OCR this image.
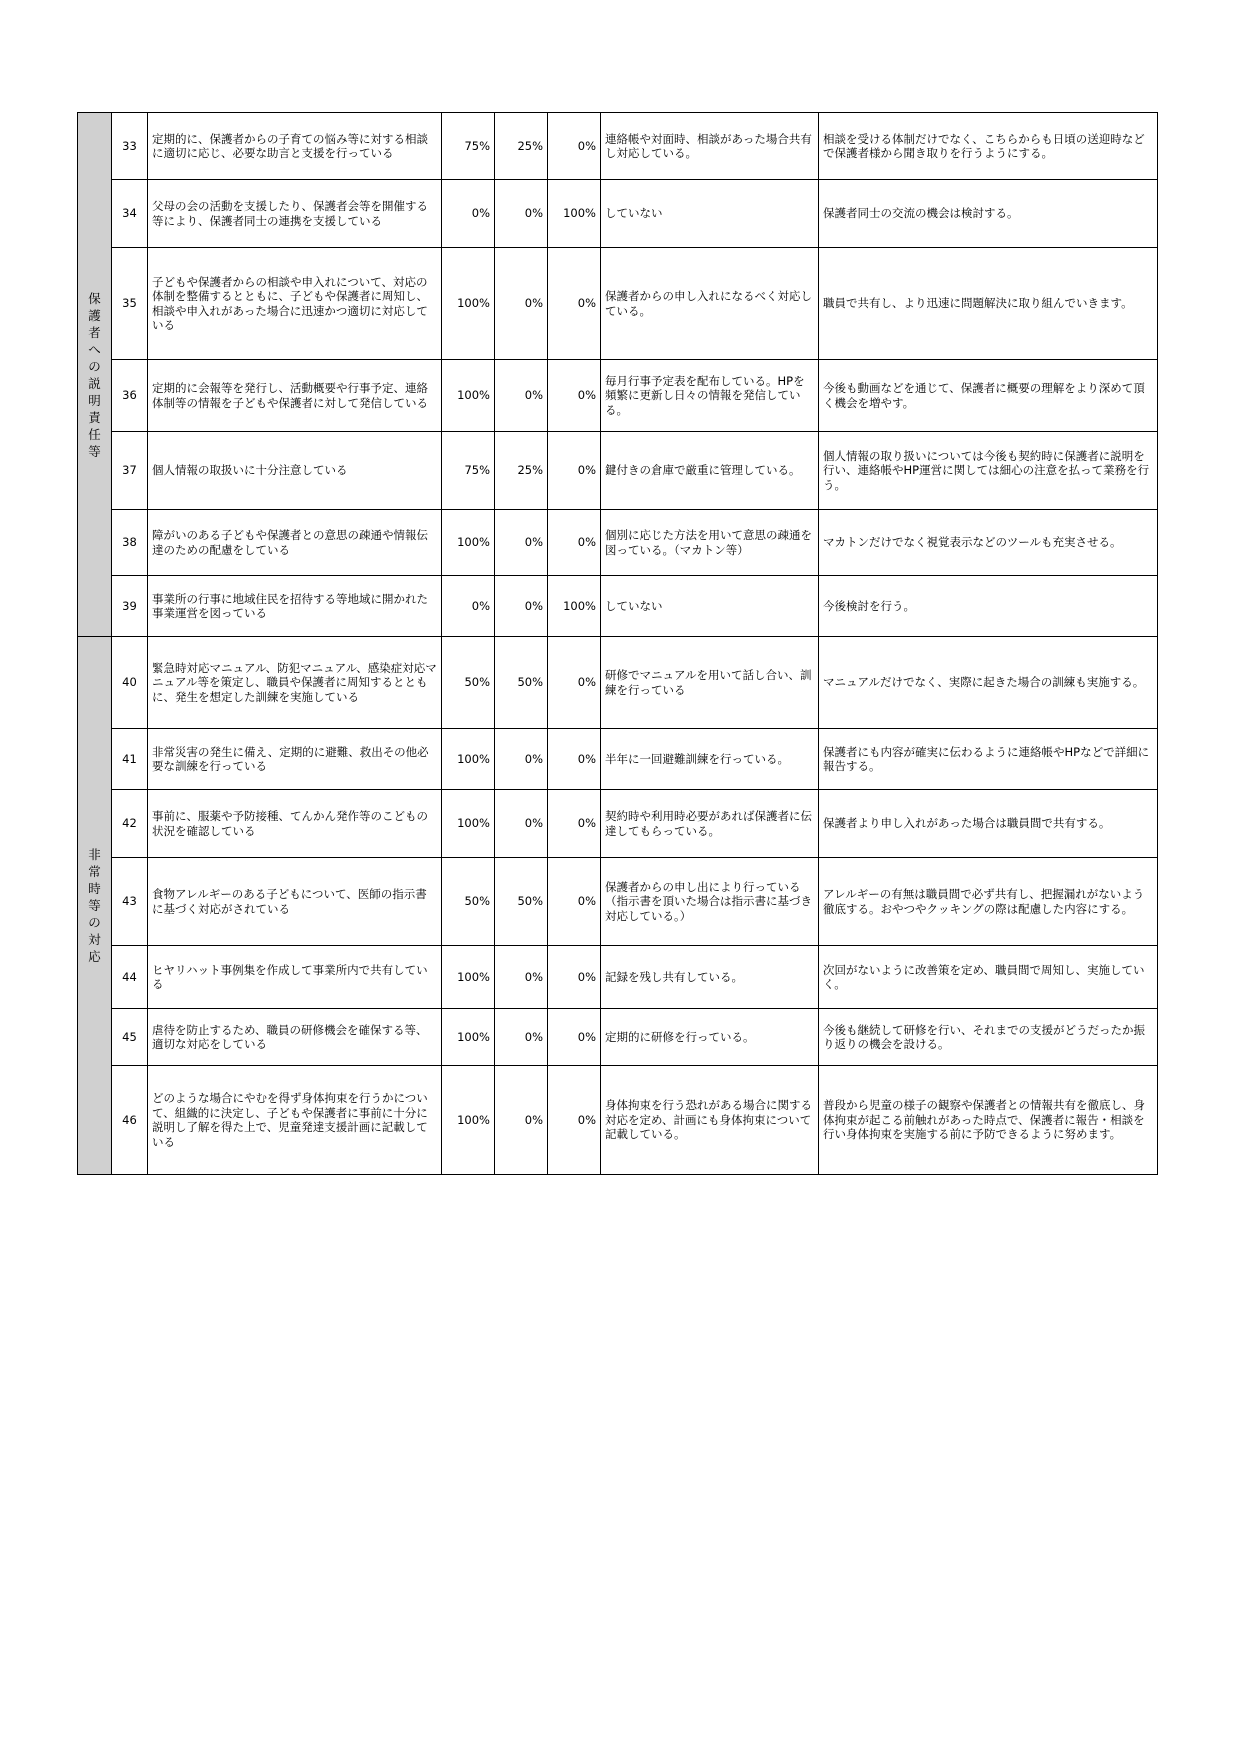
保護者への説明責任等	33	定期的に、保護者からの子育ての悩み等に対する相談に適切に応じ、必要な助言と支援を行っている	75%	25%	0%	連絡帳や対面時、相談があった場合共有し対応している。	相談を受ける体制だけでなく、こちらからも日頃の送迎時などで保護者様から聞き取りを行うようにする。
	34	父母の会の活動を支援したり、保護者会等を開催する等により、保護者同士の連携を支援している	0%	0%	100%	していない	保護者同士の交流の機会は検討する。
	35	子どもや保護者からの相談や申入れについて、対応の体制を整備するとともに、子どもや保護者に周知し、相談や申入れがあった場合に迅速かつ適切に対応している	100%	0%	0%	保護者からの申し入れになるべく対応している。	職員で共有し、より迅速に問題解決に取り組んでいきます。
	36	定期的に会報等を発行し、活動概要や行事予定、連絡体制等の情報を子どもや保護者に対して発信している	100%	0%	0%	毎月行事予定表を配布している。HPを頻繁に更新し日々の情報を発信している。	今後も動画などを通じて、保護者に概要の理解をより深めて頂く機会を増やす。
	37	個人情報の取扱いに十分注意している	75%	25%	0%	鍵付きの倉庫で厳重に管理している。	個人情報の取り扱いについては今後も契約時に保護者に説明を行い、連絡帳やHP運営に関しては細心の注意を払って業務を行う。
	38	障がいのある子どもや保護者との意思の疎通や情報伝達のための配慮をしている	100%	0%	0%	個別に応じた方法を用いて意思の疎通を図っている。（マカトン等）	マカトンだけでなく視覚表示などのツールも充実させる。
	39	事業所の行事に地域住民を招待する等地域に開かれた事業運営を図っている	0%	0%	100%	していない	今後検討を行う。
非常時等の対応	40	緊急時対応マニュアル、防犯マニュアル、感染症対応マニュアル等を策定し、職員や保護者に周知するとともに、発生を想定した訓練を実施している	50%	50%	0%	研修でマニュアルを用いて話し合い、訓練を行っている	マニュアルだけでなく、実際に起きた場合の訓練も実施する。
	41	非常災害の発生に備え、定期的に避難、救出その他必要な訓練を行っている	100%	0%	0%	半年に一回避難訓練を行っている。	保護者にも内容が確実に伝わるように連絡帳やHPなどで詳細に報告する。
	42	事前に、服薬や予防接種、てんかん発作等のこどもの状況を確認している	100%	0%	0%	契約時や利用時必要があれば保護者に伝達してもらっている。	保護者より申し入れがあった場合は職員間で共有する。
	43	食物アレルギーのある子どもについて、医師の指示書に基づく対応がされている	50%	50%	0%	保護者からの申し出により行っている（指示書を頂いた場合は指示書に基づき対応している。）	アレルギーの有無は職員間で必ず共有し、把握漏れがないよう徹底する。おやつやクッキングの際は配慮した内容にする。
	44	ヒヤリハット事例集を作成して事業所内で共有している	100%	0%	0%	記録を残し共有している。	次回がないように改善策を定め、職員間で周知し、実施していく。
	45	虐待を防止するため、職員の研修機会を確保する等、適切な対応をしている	100%	0%	0%	定期的に研修を行っている。	今後も継続して研修を行い、それまでの支援がどうだったか振り返りの機会を設ける。
	46	どのような場合にやむを得ず身体拘束を行うかについて、組織的に決定し、子どもや保護者に事前に十分に説明し了解を得た上で、児童発達支援計画に記載している	100%	0%	0%	身体拘束を行う恐れがある場合に関する対応を定め、計画にも身体拘束について記載している。	普段から児童の様子の観察や保護者との情報共有を徹底し、身体拘束が起こる前触れがあった時点で、保護者に報告・相談を行い身体拘束を実施する前に予防できるように努めます。
